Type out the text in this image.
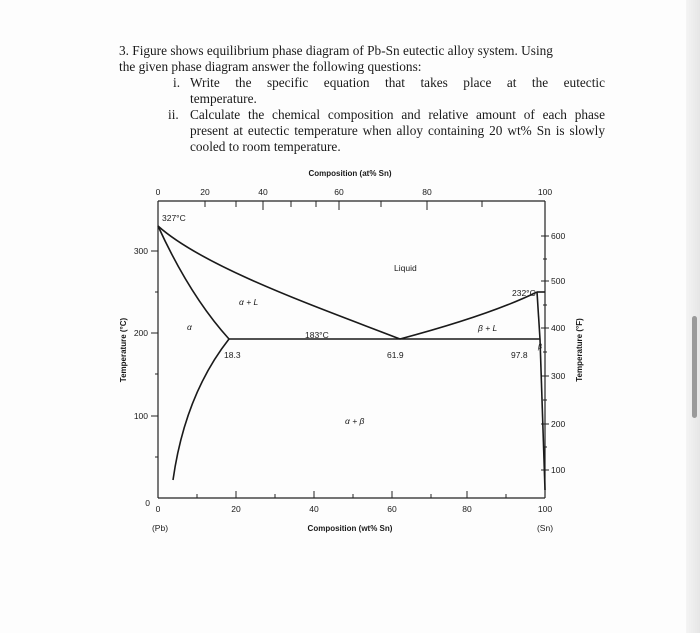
3. Figure shows equilibrium phase diagram of Pb-Sn eutectic alloy system. Using
the given phase diagram answer the following questions:
i. Write the specific equation that takes place at the eutectic
temperature.
ii. Calculate the chemical composition and relative amount of each phase
present at eutectic temperature when alloy containing 20 wt% Sn is slowly
cooled to room temperature.
Composition (at% Sn)
0	20	40	60	80	100
0	20	40	60	80	100
Composition (wt% Sn)
(Pb)	(Sn)
300
200
100
0
Temperature (°C)
600
500
400
300
200
100
Temperature (°F)
327°C
232°C
183°C
18.3	61.9	97.8
Liquid
α + L
α	β + L
β
α + β
